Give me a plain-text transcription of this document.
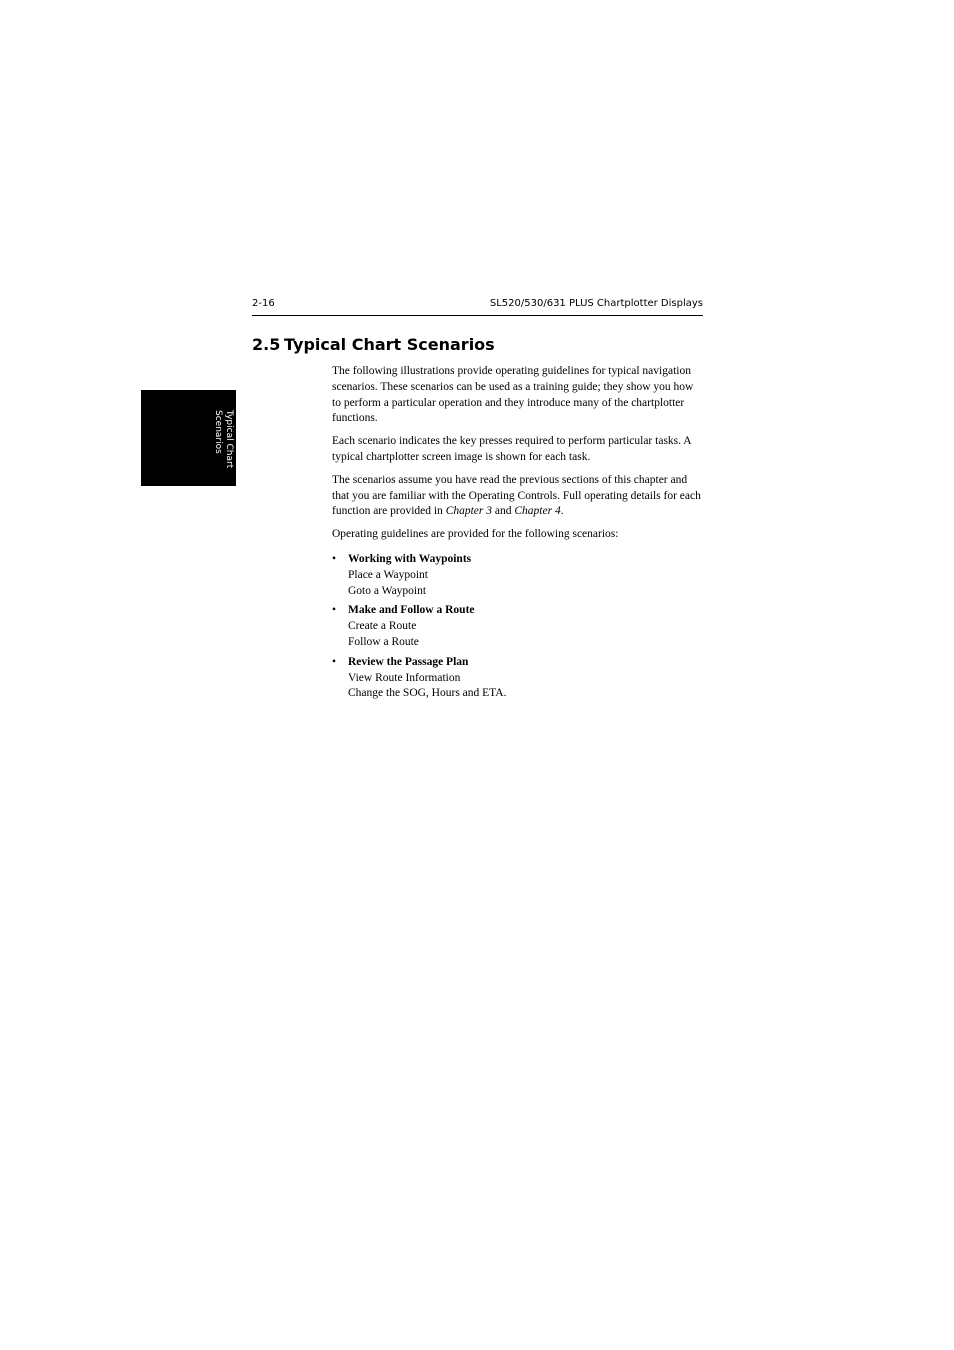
2-16	SL520/530/631 PLUS Chartplotter Displays
2.5 Typical Chart Scenarios
Typical Chart
Scenarios

The following illustrations provide operating guidelines for typical navigation scenarios. These scenarios can be used as a training guide; they show you how to perform a particular operation and they introduce many of the chartplotter functions.

Each scenario indicates the key presses required to perform particular tasks. A typical chartplotter screen image is shown for each task.

The scenarios assume you have read the previous sections of this chapter and that you are familiar with the Operating Controls. Full operating details for each function are provided in Chapter 3 and Chapter 4.

Operating guidelines are provided for the following scenarios:

• Working with Waypoints
Place a Waypoint
Goto a Waypoint
• Make and Follow a Route
Create a Route
Follow a Route
• Review the Passage Plan
View Route Information
Change the SOG, Hours and ETA.
